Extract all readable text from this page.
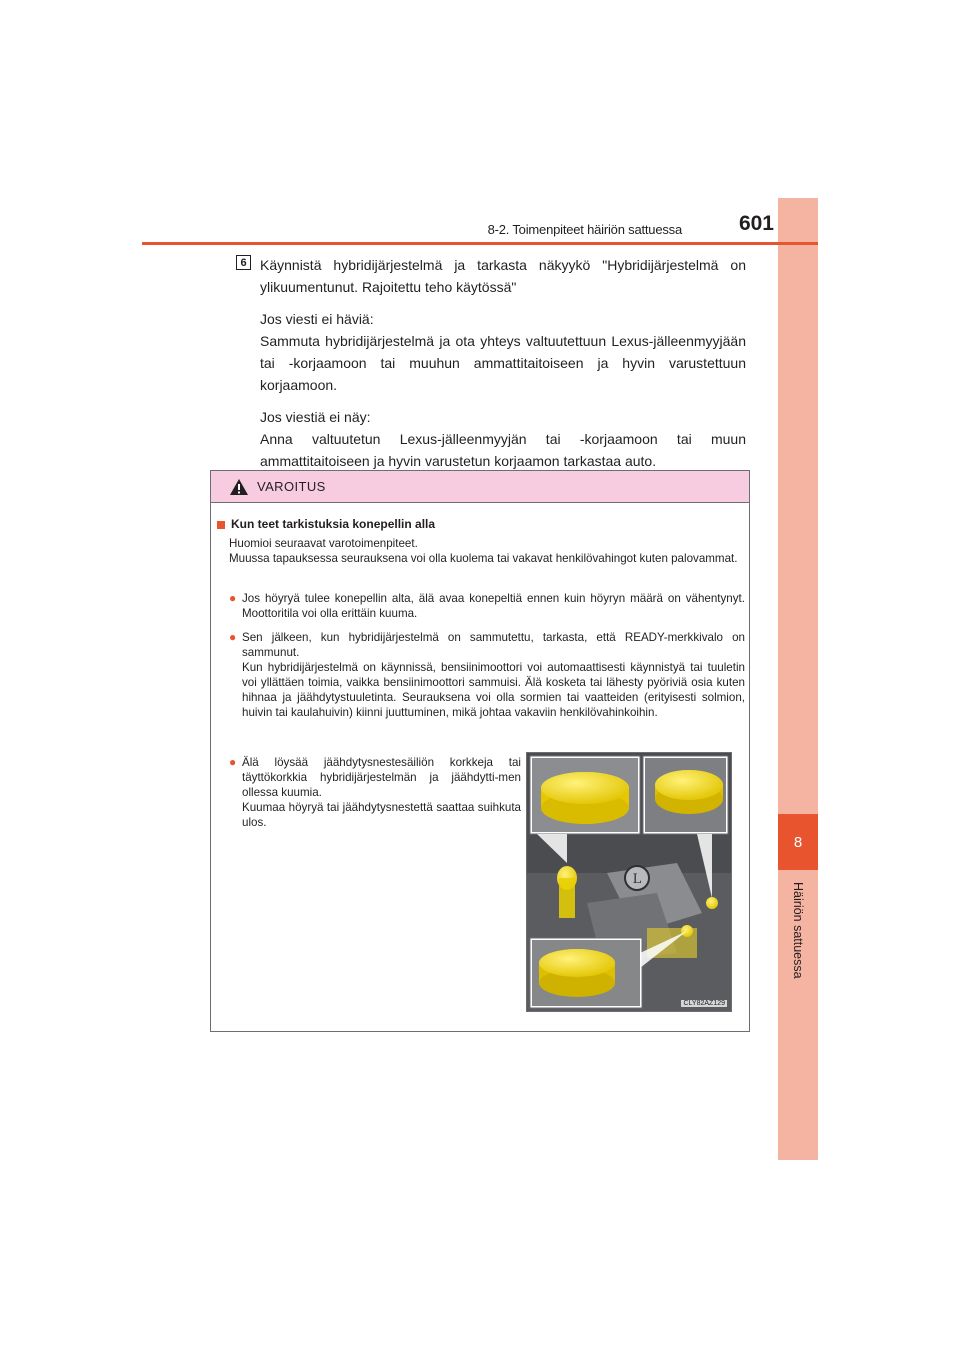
8
Häiriön sattuessa
8-2. Toimenpiteet häiriön sattuessa	601
6 Käynnistä hybridijärjestelmä ja tarkasta näkyykö "Hybridijärjestelmä on ylikuumentunut. Rajoitettu teho käytössä"

Jos viesti ei häviä:

Sammuta hybridijärjestelmä ja ota yhteys valtuutettuun Lexus-jälleenmyyjään tai -korjaamoon tai muuhun ammattitaitoiseen ja hyvin varustettuun korjaamoon.

Jos viestiä ei näy:

Anna valtuutetun Lexus-jälleenmyyjän tai -korjaamoon tai muun ammattitaitoiseen ja hyvin varustetun korjaamon tarkastaa auto.

VAROITUS
Kun teet tarkistuksia konepellin alla

Huomioi seuraavat varotoimenpiteet.

Muussa tapauksessa seurauksena voi olla kuolema tai vakavat henkilövahingot kuten palovammat.

● Jos höyryä tulee konepellin alta, älä avaa konepeltiä ennen kuin höyryn määrä on vähentynyt. Moottoritila voi olla erittäin kuuma.

● Sen jälkeen, kun hybridijärjestelmä on sammutettu, tarkasta, että READY-merkkivalo on sammunut.

Kun hybridijärjestelmä on käynnissä, bensiinimoottori voi automaattisesti käynnistyä tai tuuletin voi yllättäen toimia, vaikka bensiinimoottori sammuisi. Älä kosketa tai lähesty pyöriviä osia kuten hihnaa ja jäähdytystuuletinta. Seurauksena voi olla sormien tai vaatteiden (erityisesti solmion, huivin tai kaulahuivin) kiinni juuttuminen, mikä johtaa vakaviin henkilövahinkoihin.

● Älä löysää jäähdytysnestesäiliön korkkeja tai täyttökorkkia hybridijärjestelmän ja jäähdytti-men ollessa kuumia.

Kuumaa höyryä tai jäähdytysnestettä saattaa suihkuta ulos.

L
CLY82AZ129
